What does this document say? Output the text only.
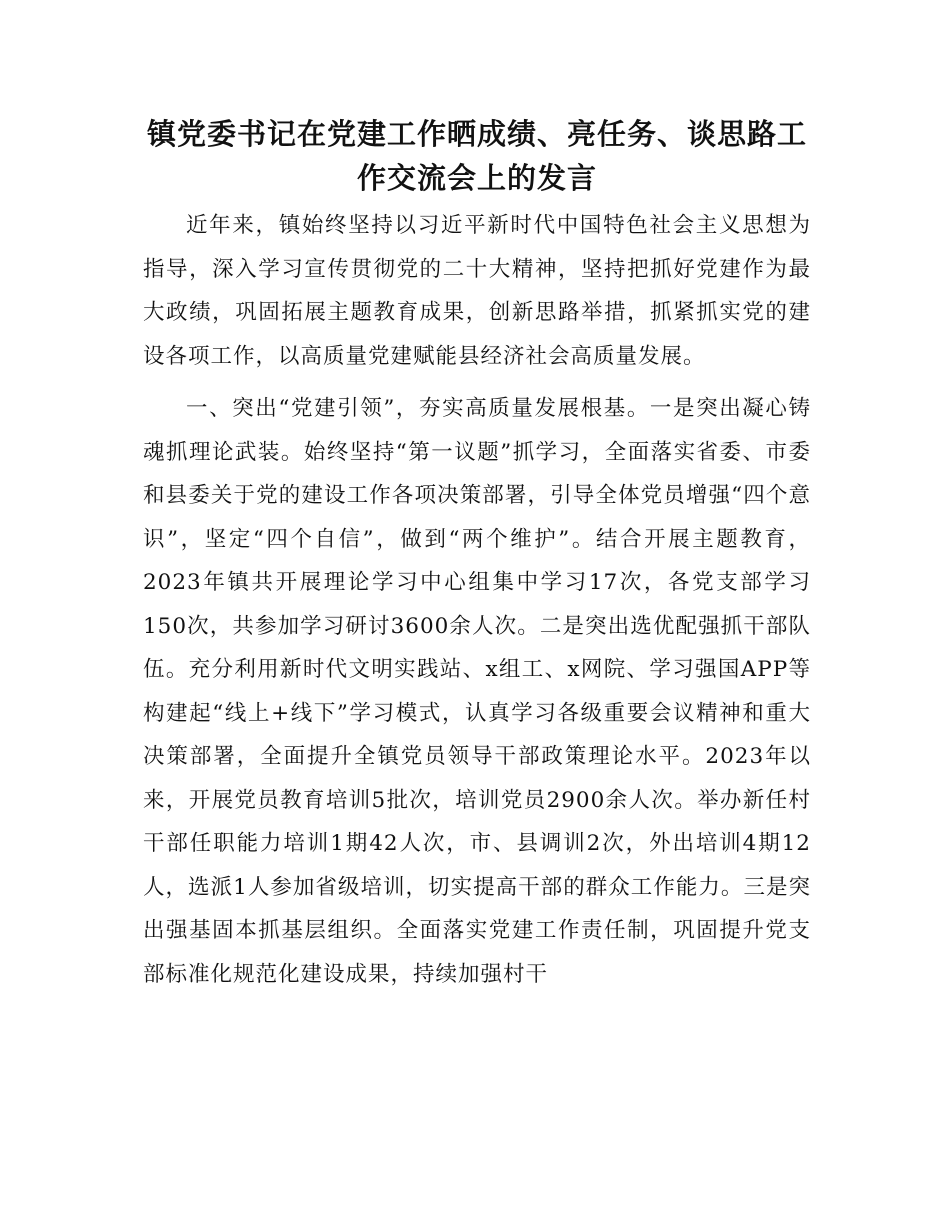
镇党委书记在党建工作晒成绩、亮任务、谈思路工作交流会上的发言

近年来，镇始终坚持以习近平新时代中国特色社会主义思想为指导，深入学习宣传贯彻党的二十大精神，坚持把抓好党建作为最大政绩，巩固拓展主题教育成果，创新思路举措，抓紧抓实党的建设各项工作，以高质量党建赋能县经济社会高质量发展。

一、突出“党建引领”，夯实高质量发展根基。一是突出凝心铸魂抓理论武装。始终坚持“第一议题”抓学习，全面落实省委、市委和县委关于党的建设工作各项决策部署，引导全体党员增强“四个意识”，坚定“四个自信”，做到“两个维护”。结合开展主题教育，2023年镇共开展理论学习中心组集中学习17次，各党支部学习150次，共参加学习研讨3600余人次。二是突出选优配强抓干部队伍。充分利用新时代文明实践站、x组工、x网院、学习强国APP等构建起“线上+线下”学习模式，认真学习各级重要会议精神和重大决策部署，全面提升全镇党员领导干部政策理论水平。2023年以来，开展党员教育培训5批次，培训党员2900余人次。举办新任村干部任职能力培训1期42人次，市、县调训2次，外出培训4期12人，选派1人参加省级培训，切实提高干部的群众工作能力。三是突出强基固本抓基层组织。全面落实党建工作责任制，巩固提升党支部标准化规范化建设成果，持续加强村干
